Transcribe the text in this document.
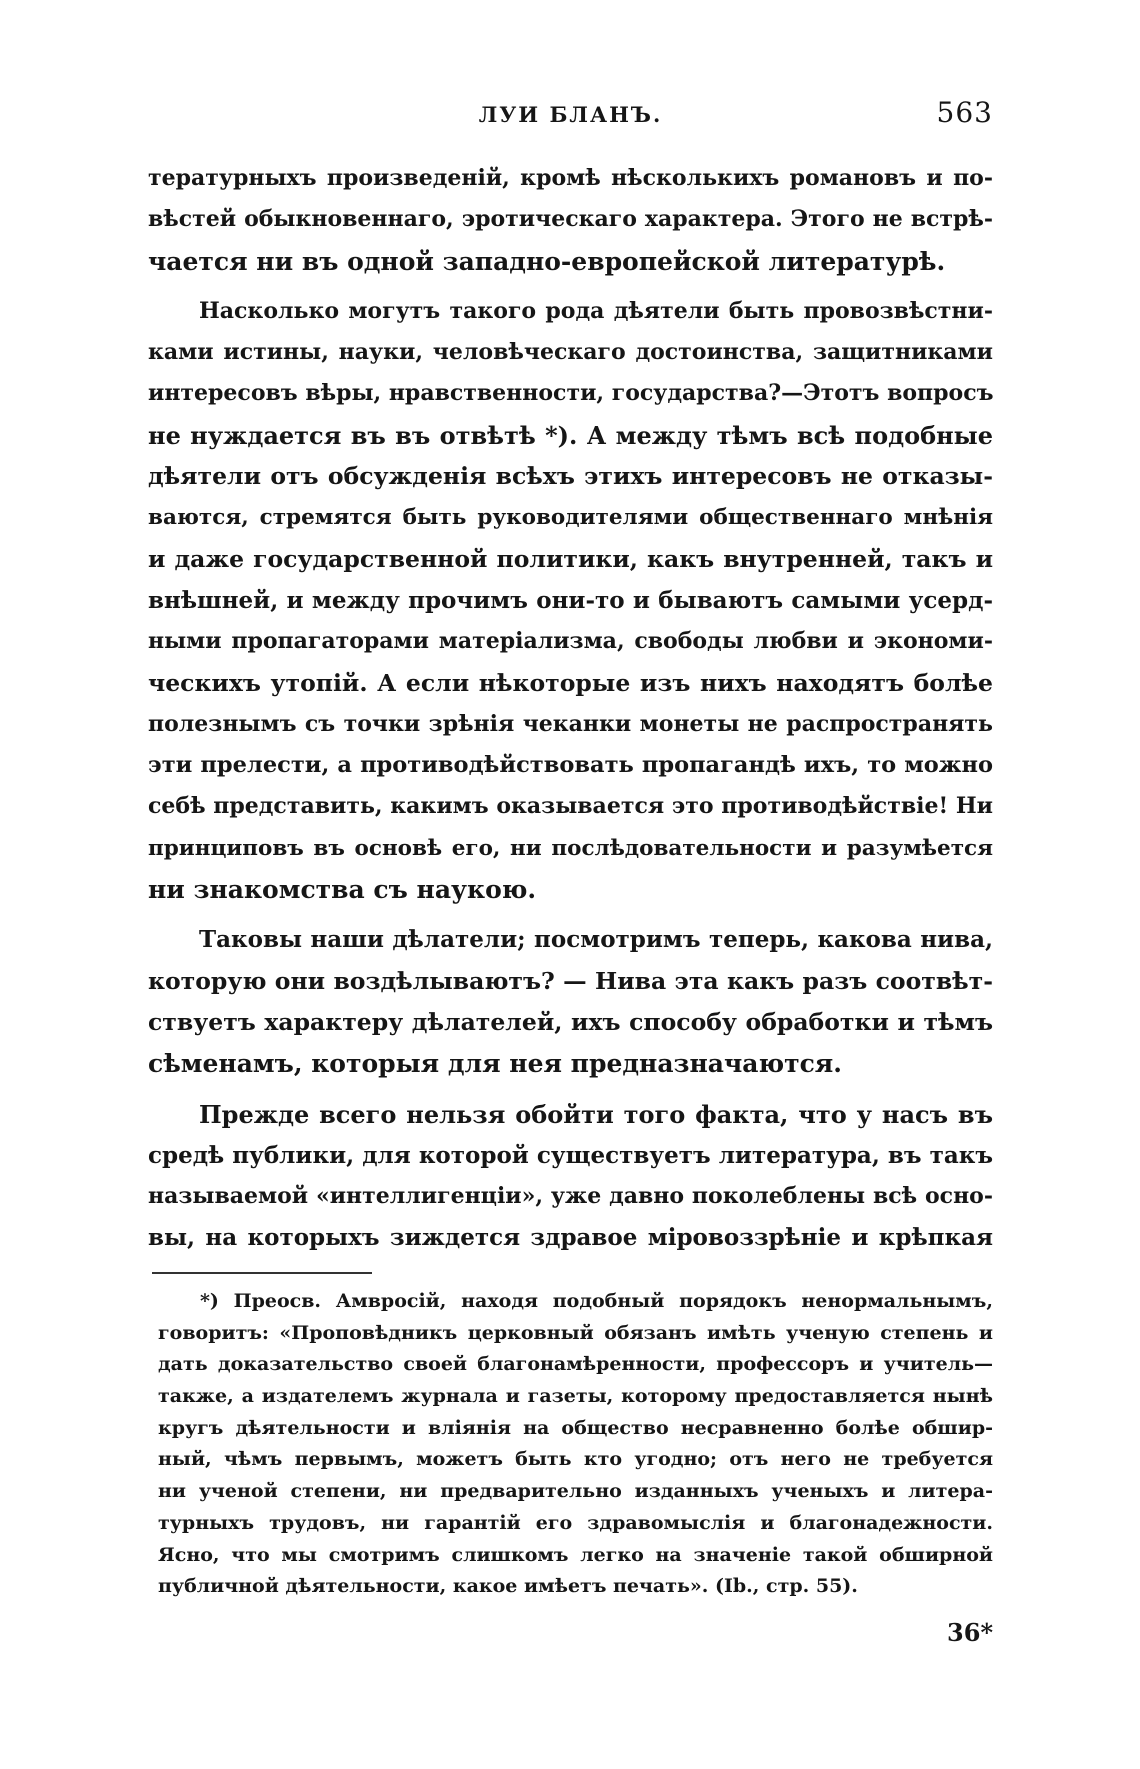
ЛУИ БЛАНЪ.	563

тературныхъ произведеній, кромѣ нѣсколькихъ романовъ и по-
вѣстей обыкновеннаго, эротическаго характера. Этого не встрѣ-
чается ни въ одной западно-европейской литературѣ.

Насколько могутъ такого рода дѣятели быть провозвѣстни-
ками истины, науки, человѣческаго достоинства, защитниками
интересовъ вѣры, нравственности, государства?—Этотъ вопросъ
не нуждается въ въ отвѣтѣ *). А между тѣмъ всѣ подобные
дѣятели отъ обсужденія всѣхъ этихъ интересовъ не отказы-
ваются, стремятся быть руководителями общественнаго мнѣнія
и даже государственной политики, какъ внутренней, такъ и
внѣшней, и между прочимъ они-то и бываютъ самыми усерд-
ными пропагаторами матеріализма, свободы любви и экономи-
ческихъ утопій. А если нѣкоторые изъ нихъ находятъ болѣе
полезнымъ съ точки зрѣнія чеканки монеты не распространять
эти прелести, а противодѣйствовать пропагандѣ ихъ, то можно
себѣ представить, какимъ оказывается это противодѣйствіе! Ни
принциповъ въ основѣ его, ни послѣдовательности и разумѣется
ни знакомства съ наукою.

Таковы наши дѣлатели; посмотримъ теперь, какова нива,
которую они воздѣлываютъ? — Нива эта какъ разъ соотвѣт-
ствуетъ характеру дѣлателей, ихъ способу обработки и тѣмъ
сѣменамъ, которыя для нея предназначаются.

Прежде всего нельзя обойти того факта, что у насъ въ
средѣ публики, для которой существуетъ литература, въ такъ
называемой «интеллигенціи», уже давно поколеблены всѣ осно-
вы, на которыхъ зиждется здравое міровоззрѣніе и крѣпкая

*) Преосв. Амвросій, находя подобный порядокъ ненормальнымъ,
говоритъ: «Проповѣдникъ церковный обязанъ имѣть ученую степень и
дать доказательство своей благонамѣренности, профессоръ и учитель—
также, а издателемъ журнала и газеты, которому предоставляется нынѣ
кругъ дѣятельности и вліянія на общество несравненно болѣе обшир-
ный, чѣмъ первымъ, можетъ быть кто угодно; отъ него не требуется
ни ученой степени, ни предварительно изданныхъ ученыхъ и литера-
турныхъ трудовъ, ни гарантій его здравомыслія и благонадежности.
Ясно, что мы смотримъ слишкомъ легко на значеніе такой обширной
публичной дѣятельности, какое имѣетъ печать». (Ib., стр. 55).
36*
